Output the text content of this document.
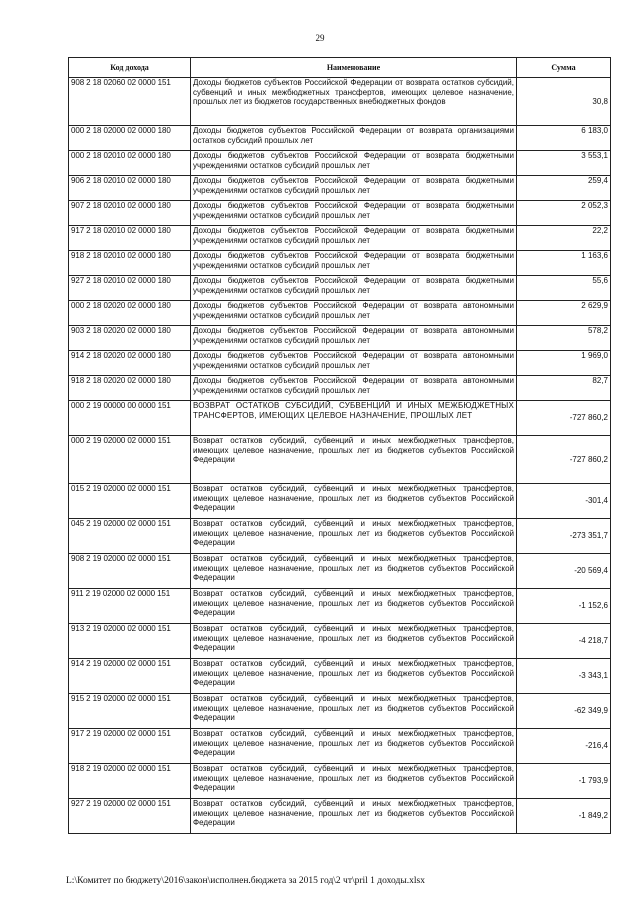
29
Код дохода	Наименование	Сумма
908 2 18 02060 02 0000 151	Доходы бюджетов субъектов Российской Федерации от возврата остатков субсидий, субвенций и иных межбюджетных трансфертов, имеющих целевое назначение, прошлых лет из бюджетов государственных внебюджетных фондов	30,8
000 2 18 02000 02 0000 180	Доходы бюджетов субъектов Российской Федерации от возврата организациями остатков субсидий прошлых лет	6 183,0
000 2 18 02010 02 0000 180	Доходы бюджетов субъектов Российской Федерации от возврата бюджетными учреждениями остатков субсидий прошлых лет	3 553,1
906 2 18 02010 02 0000 180	Доходы бюджетов субъектов Российской Федерации от возврата бюджетными учреждениями остатков субсидий прошлых лет	259,4
907 2 18 02010 02 0000 180	Доходы бюджетов субъектов Российской Федерации от возврата бюджетными учреждениями остатков субсидий прошлых лет	2 052,3
917 2 18 02010 02 0000 180	Доходы бюджетов субъектов Российской Федерации от возврата бюджетными учреждениями остатков субсидий прошлых лет	22,2
918 2 18 02010 02 0000 180	Доходы бюджетов субъектов Российской Федерации от возврата бюджетными учреждениями остатков субсидий прошлых лет	1 163,6
927 2 18 02010 02 0000 180	Доходы бюджетов субъектов Российской Федерации от возврата бюджетными учреждениями остатков субсидий прошлых лет	55,6
000 2 18 02020 02 0000 180	Доходы бюджетов субъектов Российской Федерации от возврата автономными учреждениями остатков субсидий прошлых лет	2 629,9
903 2 18 02020 02 0000 180	Доходы бюджетов субъектов Российской Федерации от возврата автономными учреждениями остатков субсидий прошлых лет	578,2
914 2 18 02020 02 0000 180	Доходы бюджетов субъектов Российской Федерации от возврата автономными учреждениями остатков субсидий прошлых лет	1 969,0
918 2 18 02020 02 0000 180	Доходы бюджетов субъектов Российской Федерации от возврата автономными учреждениями остатков субсидий прошлых лет	82,7
000 2 19 00000 00 0000 151	ВОЗВРАТ ОСТАТКОВ СУБСИДИЙ, СУБВЕНЦИЙ И ИНЫХ МЕЖБЮДЖЕТНЫХ ТРАНСФЕРТОВ, ИМЕЮЩИХ ЦЕЛЕВОЕ НАЗНАЧЕНИЕ, ПРОШЛЫХ ЛЕТ	-727 860,2
000 2 19 02000 02 0000 151	Возврат остатков субсидий, субвенций и иных межбюджетных трансфертов, имеющих целевое назначение, прошлых лет из бюджетов субъектов Российской Федерации	-727 860,2
015 2 19 02000 02 0000 151	Возврат остатков субсидий, субвенций и иных межбюджетных трансфертов, имеющих целевое назначение, прошлых лет из бюджетов субъектов Российской Федерации	-301,4
045 2 19 02000 02 0000 151	Возврат остатков субсидий, субвенций и иных межбюджетных трансфертов, имеющих целевое назначение, прошлых лет из бюджетов субъектов Российской Федерации	-273 351,7
908 2 19 02000 02 0000 151	Возврат остатков субсидий, субвенций и иных межбюджетных трансфертов, имеющих целевое назначение, прошлых лет из бюджетов субъектов Российской Федерации	-20 569,4
911 2 19 02000 02 0000 151	Возврат остатков субсидий, субвенций и иных межбюджетных трансфертов, имеющих целевое назначение, прошлых лет из бюджетов субъектов Российской Федерации	-1 152,6
913 2 19 02000 02 0000 151	Возврат остатков субсидий, субвенций и иных межбюджетных трансфертов, имеющих целевое назначение, прошлых лет из бюджетов субъектов Российской Федерации	-4 218,7
914 2 19 02000 02 0000 151	Возврат остатков субсидий, субвенций и иных межбюджетных трансфертов, имеющих целевое назначение, прошлых лет из бюджетов субъектов Российской Федерации	-3 343,1
915 2 19 02000 02 0000 151	Возврат остатков субсидий, субвенций и иных межбюджетных трансфертов, имеющих целевое назначение, прошлых лет из бюджетов субъектов Российской Федерации	-62 349,9
917 2 19 02000 02 0000 151	Возврат остатков субсидий, субвенций и иных межбюджетных трансфертов, имеющих целевое назначение, прошлых лет из бюджетов субъектов Российской Федерации	-216,4
918 2 19 02000 02 0000 151	Возврат остатков субсидий, субвенций и иных межбюджетных трансфертов, имеющих целевое назначение, прошлых лет из бюджетов субъектов Российской Федерации	-1 793,9
927 2 19 02000 02 0000 151	Возврат остатков субсидий, субвенций и иных межбюджетных трансфертов, имеющих целевое назначение, прошлых лет из бюджетов субъектов Российской Федерации	-1 849,2
L:\Комитет по бюджету\2016\закон\исполнен.бюджета за 2015 год\2 чт\pril 1 доходы.xlsx
